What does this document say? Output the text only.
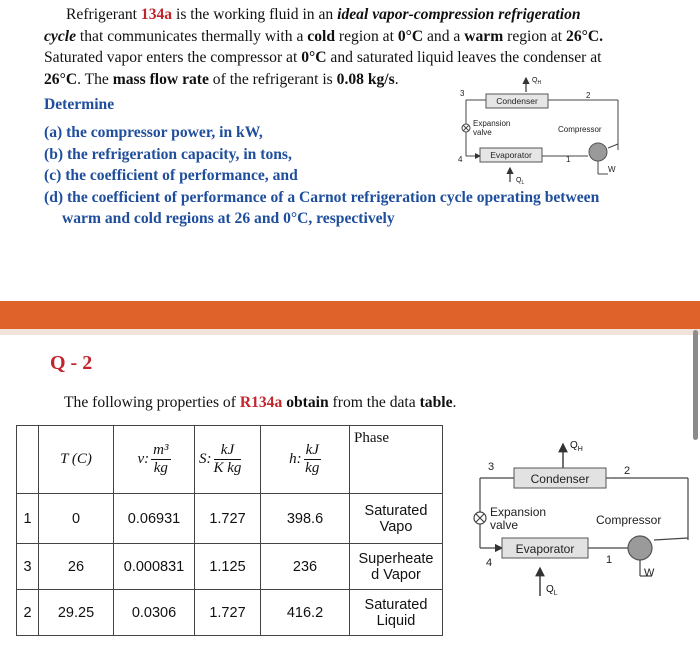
Refrigerant 134a is the working fluid in an ideal vapor-compression refrigeration

cycle that communicates thermally with a cold region at 0°C and a warm region at 26°C.

Saturated vapor enters the compressor at 0°C and saturated liquid leaves the condenser at

26°C. The mass flow rate of the refrigerant is 0.08 kg/s.

Determine
(a) the compressor power, in kW,
(b) the refrigeration capacity, in tons,
(c) the coefficient of performance, and
(d) the coefficient of performance of a Carnot refrigeration cycle operating between
warm and cold regions at 26 and 0°C, respectively
$Q_H$
Condenser
Evaporator
Expansion
valve	Compressor
W
$Q_L$
3	2
4	1
Q - 2
The following properties of R134a obtain from the data table.
	T (C)	v: $\frac{\text{m³}}{kg}$	S: $\frac{kJ}{\text{K kg}}$	h: $\frac{kJ}{kg}$	Phase
1	0	0.06931	1.727	398.6	Saturated
Vapo

3	26	0.000831	1.125	236	Superheate
d Vapor

2	29.25	0.0306	1.727	416.2	Saturated
Liquid
$Q_H$
Condenser
Evaporator
Expansion
valve	Compressor
W
$Q_L$
3	2
4	1
